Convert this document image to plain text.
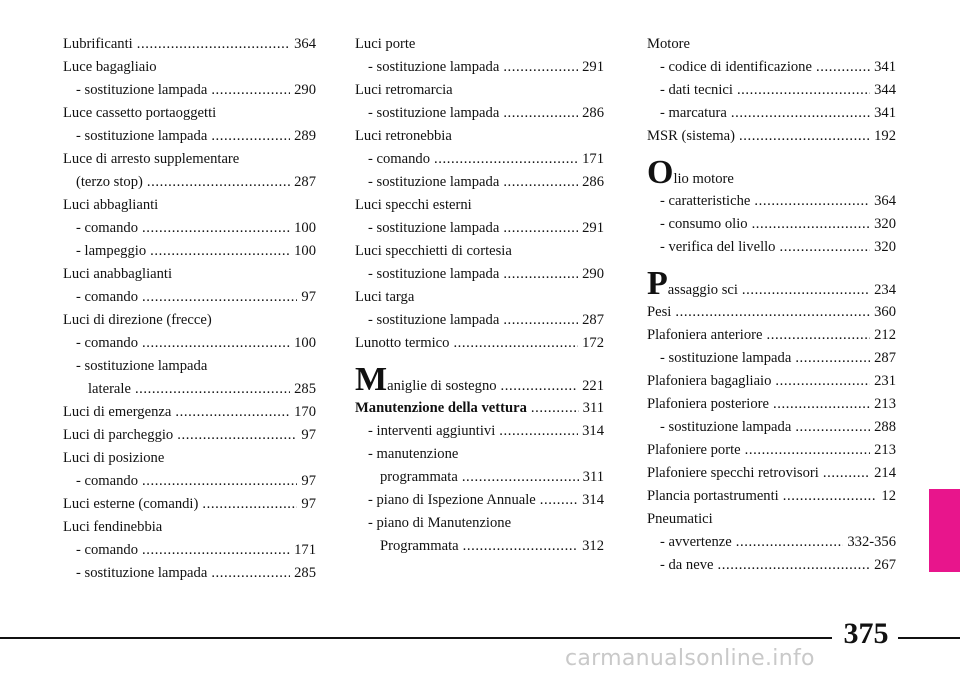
Lubrificanti .....	364
Luce bagagliaio
- sostituzione lampada .....	290
Luce cassetto portaoggetti
- sostituzione lampada .....	289
Luce di arresto supplementare
(terzo stop) .....	287
Luci abbaglianti
- comando .....	100
- lampeggio .....	100
Luci anabbaglianti
- comando .....	97
Luci di direzione (frecce)
- comando .....	100
- sostituzione lampada
laterale .....	285
Luci di emergenza .....	170
Luci di parcheggio .....	97
Luci di posizione
- comando .....	97
Luci esterne (comandi) .....	97
Luci fendinebbia
- comando .....	171
- sostituzione lampada .....	285
Luci porte
- sostituzione lampada .....	291
Luci retromarcia
- sostituzione lampada .....	286
Luci retronebbia
- comando .....	171
- sostituzione lampada .....	286
Luci specchi esterni
- sostituzione lampada .....	291
Luci specchietti di cortesia
- sostituzione lampada .....	290
Luci targa
- sostituzione lampada .....	287
Lunotto termico .....	172
Maniglie di sostegno .....	221
Manutenzione della vettura .....	311
- interventi aggiuntivi .....	314
- manutenzione
programmata .....	311
- piano di Ispezione Annuale .....	314
- piano di Manutenzione
Programmata .....	312
Motore
- codice di identificazione .....	341
- dati tecnici .....	344
- marcatura .....	341
MSR (sistema) .....	192
Olio motore
- caratteristiche .....	364
- consumo olio .....	320
- verifica del livello .....	320
Passaggio sci .....	234
Pesi .....	360
Plafoniera anteriore .....	212
- sostituzione lampada .....	287
Plafoniera bagagliaio .....	231
Plafoniera posteriore .....	213
- sostituzione lampada .....	288
Plafoniere porte .....	213
Plafoniere specchi retrovisori .....	214
Plancia portastrumenti .....	12
Pneumatici
- avvertenze .....	332-356
- da neve .....	267
375
carmanualsonline.info
